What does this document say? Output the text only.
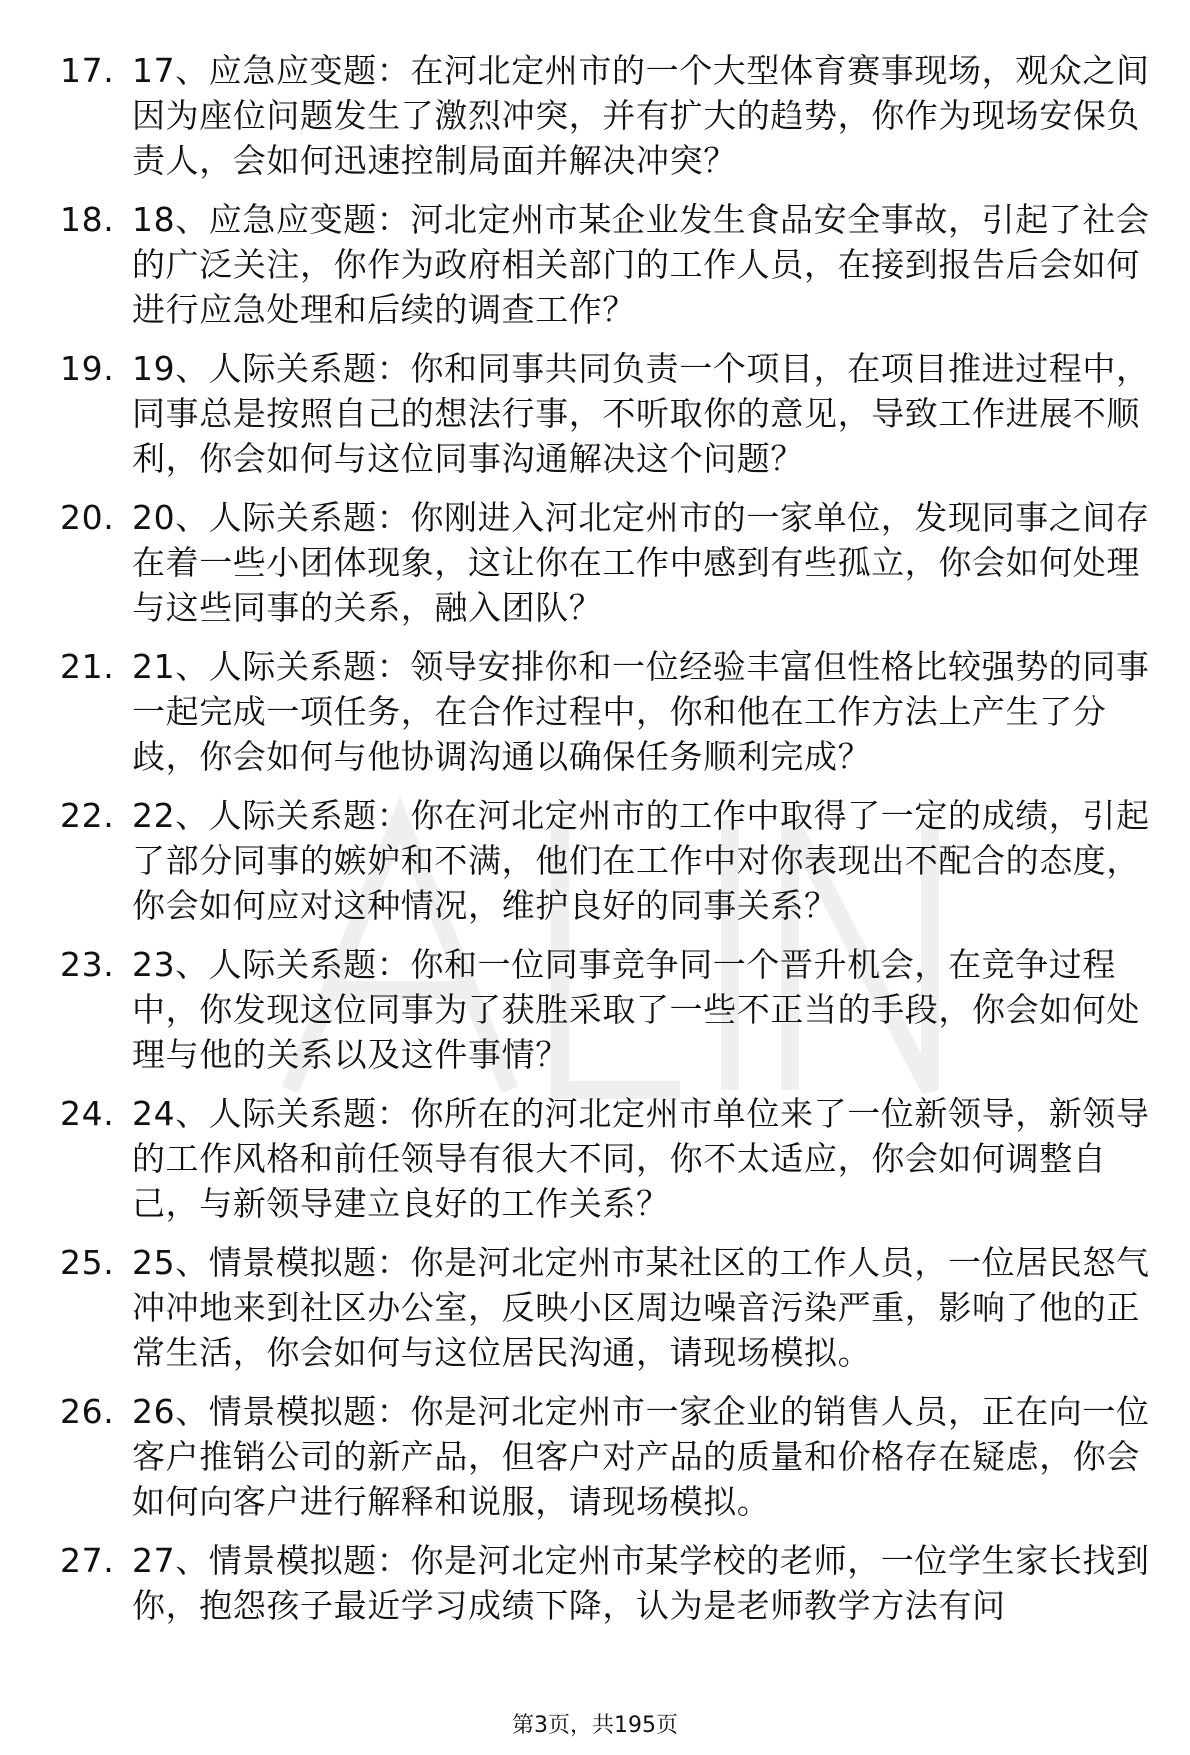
17. 17、应急应变题：在河北定州市的一个大型体育赛事现场，观众之间因为座位问题发生了激烈冲突，并有扩大的趋势，你作为现场安保负责人，会如何迅速控制局面并解决冲突？
18. 18、应急应变题：河北定州市某企业发生食品安全事故，引起了社会的广泛关注，你作为政府相关部门的工作人员，在接到报告后会如何进行应急处理和后续的调查工作？
19. 19、人际关系题：你和同事共同负责一个项目，在项目推进过程中，同事总是按照自己的想法行事，不听取你的意见，导致工作进展不顺利，你会如何与这位同事沟通解决这个问题？
20. 20、人际关系题：你刚进入河北定州市的一家单位，发现同事之间存在着一些小团体现象，这让你在工作中感到有些孤立，你会如何处理与这些同事的关系，融入团队？
21. 21、人际关系题：领导安排你和一位经验丰富但性格比较强势的同事一起完成一项任务，在合作过程中，你和他在工作方法上产生了分歧，你会如何与他协调沟通以确保任务顺利完成？
22. 22、人际关系题：你在河北定州市的工作中取得了一定的成绩，引起了部分同事的嫉妒和不满，他们在工作中对你表现出不配合的态度，你会如何应对这种情况，维护良好的同事关系？
23. 23、人际关系题：你和一位同事竞争同一个晋升机会，在竞争过程中，你发现这位同事为了获胜采取了一些不正当的手段，你会如何处理与他的关系以及这件事情？
24. 24、人际关系题：你所在的河北定州市单位来了一位新领导，新领导的工作风格和前任领导有很大不同，你不太适应，你会如何调整自己，与新领导建立良好的工作关系？
25. 25、情景模拟题：你是河北定州市某社区的工作人员，一位居民怒气冲冲地来到社区办公室，反映小区周边噪音污染严重，影响了他的正常生活，你会如何与这位居民沟通，请现场模拟。
26. 26、情景模拟题：你是河北定州市一家企业的销售人员，正在向一位客户推销公司的新产品，但客户对产品的质量和价格存在疑虑，你会如何向客户进行解释和说服，请现场模拟。
27. 27、情景模拟题：你是河北定州市某学校的老师，一位学生家长找到你，抱怨孩子最近学习成绩下降，认为是老师教学方法有问
第3页，共195页
